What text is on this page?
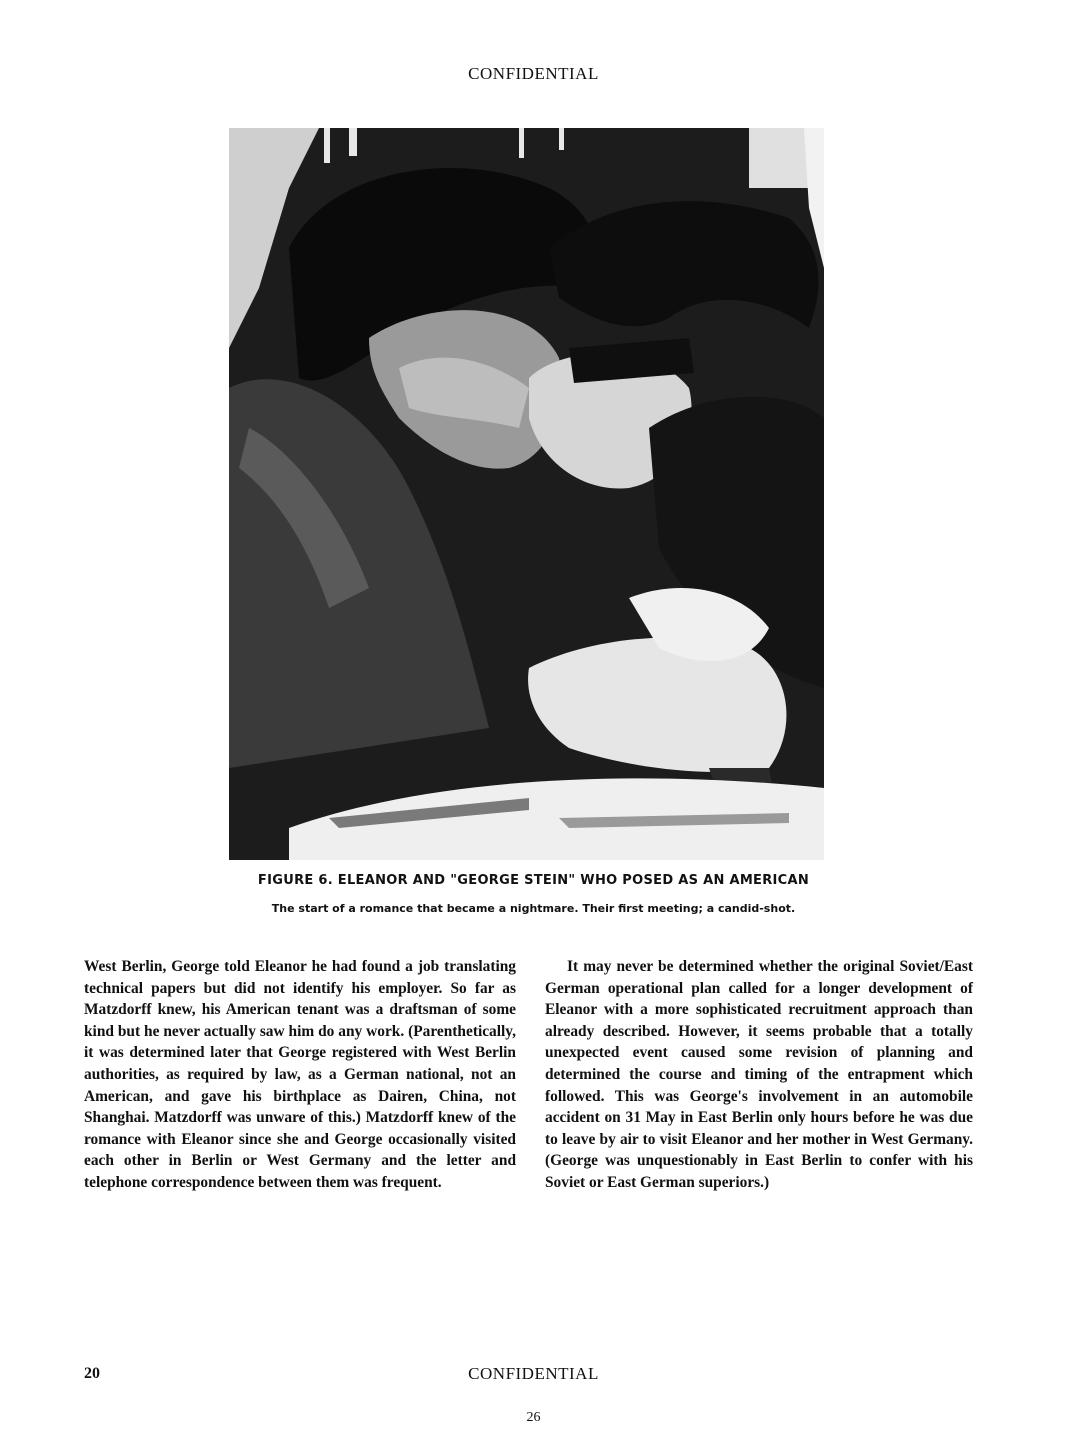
CONFIDENTIAL
FIGURE 6. ELEANOR AND "GEORGE STEIN" WHO POSED AS AN AMERICAN
The start of a romance that became a nightmare. Their first meeting; a candid-shot.
West Berlin, George told Eleanor he had found a job translating technical papers but did not identify his employer. So far as Matzdorff knew, his American tenant was a draftsman of some kind but he never actually saw him do any work. (Parenthetically, it was determined later that George registered with West Berlin authorities, as required by law, as a German national, not an American, and gave his birthplace as Dairen, China, not Shanghai. Matzdorff was unware of this.) Matzdorff knew of the romance with Eleanor since she and George occasionally visited each other in Berlin or West Germany and the letter and telephone correspondence between them was frequent.
It may never be determined whether the original Soviet/East German operational plan called for a longer development of Eleanor with a more sophisticated recruitment approach than already described. However, it seems probable that a totally unexpected event caused some revision of planning and determined the course and timing of the entrapment which followed. This was George's involvement in an automobile accident on 31 May in East Berlin only hours before he was due to leave by air to visit Eleanor and her mother in West Germany. (George was unquestionably in East Berlin to confer with his Soviet or East German superiors.)
20	CONFIDENTIAL
26
